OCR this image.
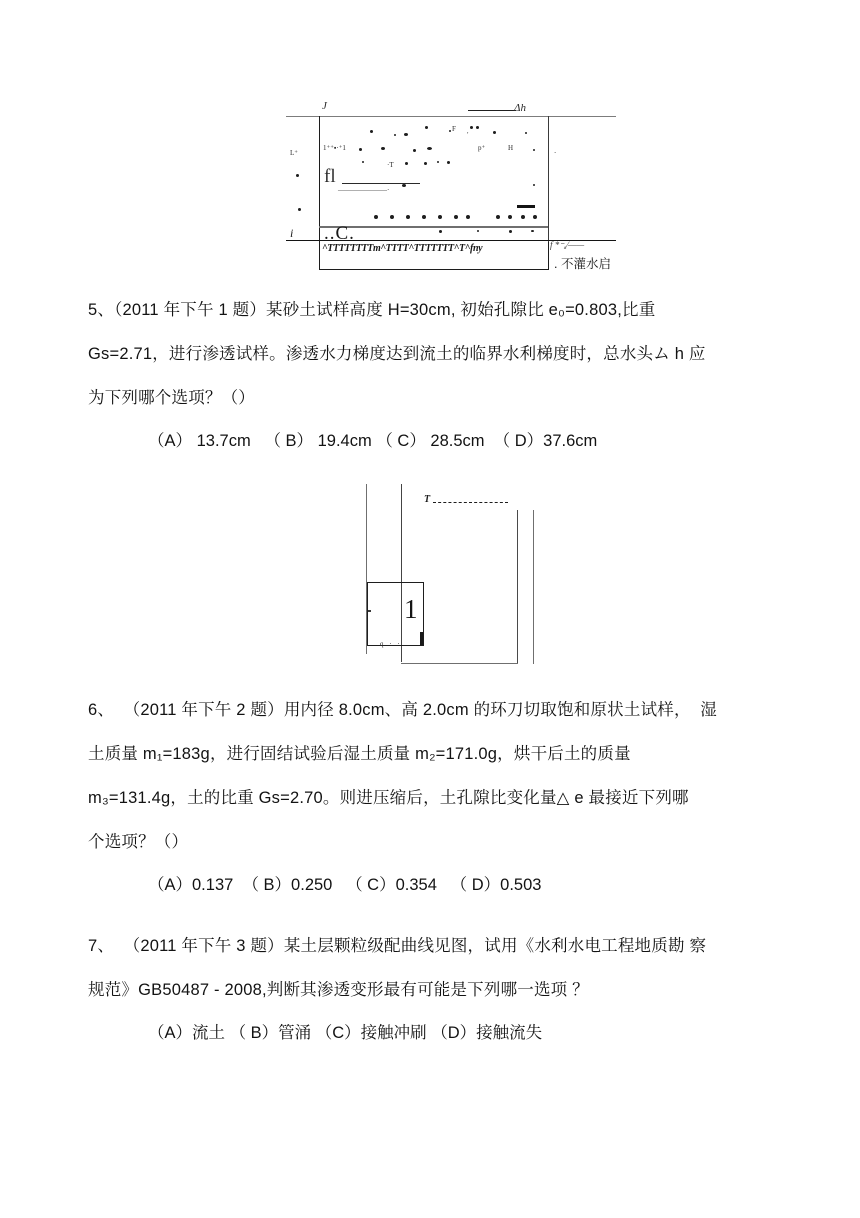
J	Δh
i ..C.
fl
^TTTTTTTTm^TTTT^TTTTTTT^T^fny	f *⁻ₐ⁄——
. 不灌水启
L⁺
1⁺⁺▪·⁺1
F
′
p⁺	H
·T
‧
———————·
5、（2011 年下午 1 题）某砂土试样高度 H=30cm, 初始孔隙比 e₀=0.803,比重
Gs=2.71，进行渗透试样。渗透水力梯度达到流土的临界水利梯度时，总水头ム h 应
为下列哪个选项？（）
（A） 13.7cm   （ B） 19.4cm （ C） 28.5cm  （ D）37.6cm
T
1
q · ·
6、  （2011 年下午 2 题）用内径 8.0cm、高 2.0cm 的环刀切取饱和原状土试样，  湿
土质量 m₁=183g，进行固结试验后湿土质量 m₂=171.0g，烘干后土的质量
m₃=131.4g，土的比重 Gs=2.70。则进压缩后，土孔隙比变化量△ e 最接近下列哪
个选项？（）
（A）0.137  （ B）0.250   （ C）0.354   （ D）0.503
7、  （2011 年下午 3 题）某土层颗粒级配曲线见图，试用《水利水电工程地质勘 察
规范》GB50487 - 2008,判断其渗透变形最有可能是下列哪一选项 ？
（A）流土 （ B）管涌 （C）接触冲刷 （D）接触流失
